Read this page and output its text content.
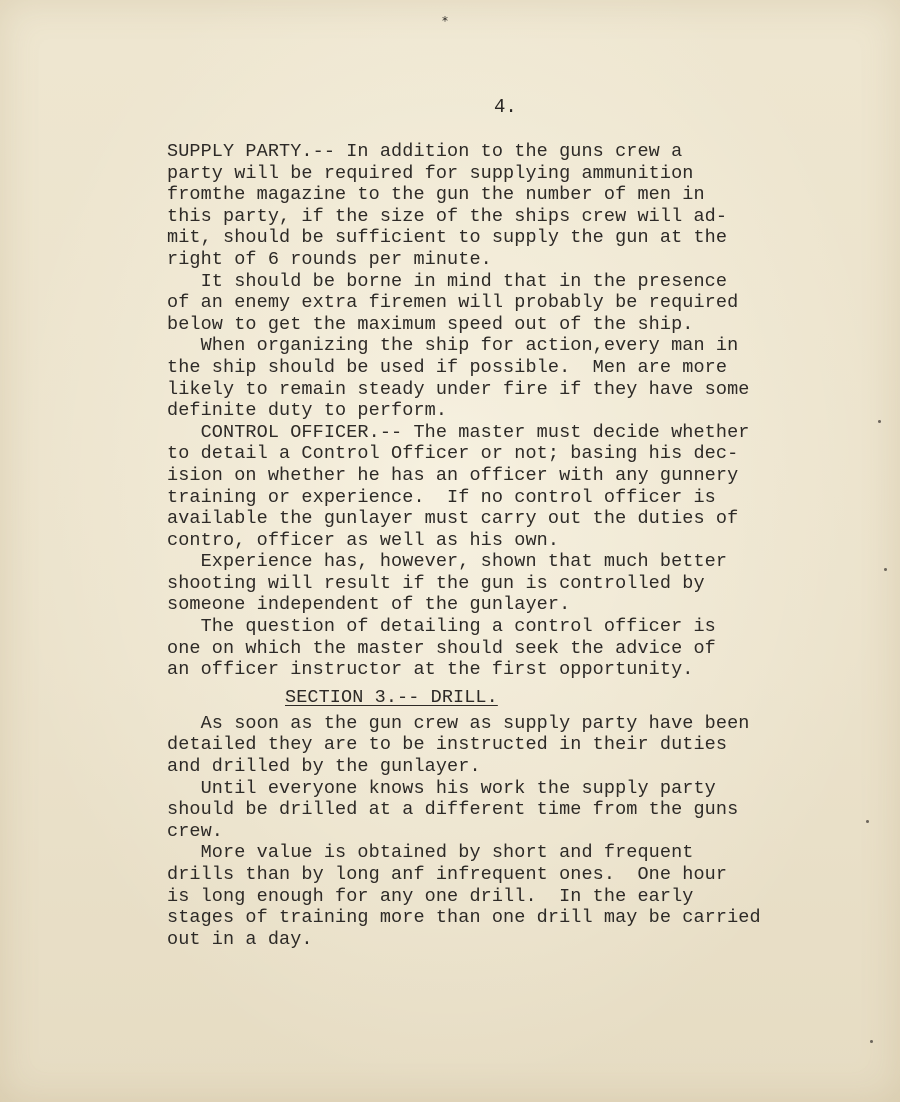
*
4.
SUPPLY PARTY.-- In addition to the guns crew a
party will be required for supplying ammunition
fromthe magazine to the gun the number of men in
this party, if the size of the ships crew will ad-
mit, should be sufficient to supply the gun at the
right of 6 rounds per minute.
It should be borne in mind that in the presence
of an enemy extra firemen will probably be required
below to get the maximum speed out of the ship.
When organizing the ship for action,every man in
the ship should be used if possible.  Men are more
likely to remain steady under fire if they have some
definite duty to perform.
CONTROL OFFICER.-- The master must decide whether
to detail a Control Officer or not; basing his dec-
ision on whether he has an officer with any gunnery
training or experience.  If no control officer is
available the gunlayer must carry out the duties of
contro, officer as well as his own.
Experience has, however, shown that much better
shooting will result if the gun is controlled by
someone independent of the gunlayer.
The question of detailing a control officer is
one on which the master should seek the advice of
an officer instructor at the first opportunity.
SECTION 3.-- DRILL.
As soon as the gun crew as supply party have been
detailed they are to be instructed in their duties
and drilled by the gunlayer.
Until everyone knows his work the supply party
should be drilled at a different time from the guns
crew.
More value is obtained by short and frequent
drills than by long anf infrequent ones.  One hour
is long enough for any one drill.  In the early
stages of training more than one drill may be carried
out in a day.
